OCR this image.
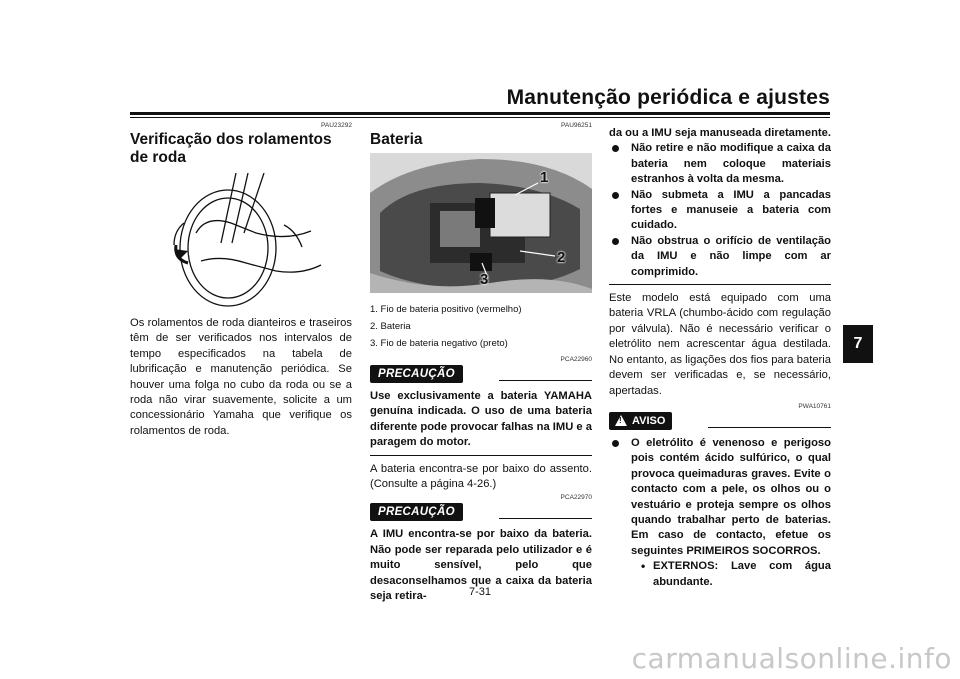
Manutenção periódica e ajustes
7
PAU23292
Verificação dos rolamentos de roda

Os rolamentos de roda dianteiros e traseiros têm de ser verificados nos intervalos de tempo especificados na tabela de lubrificação e manutenção periódica. Se houver uma folga no cubo da roda ou se a roda não virar suavemente, solicite a um concessionário Yamaha que verifique os rolamentos de roda.

PAU96251
Bateria
1
2
3
1. Fio de bateria positivo (vermelho)
2. Bateria
3. Fio de bateria negativo (preto)
PCA22960
PRECAUÇÃO

Use exclusivamente a bateria YAMAHA genuína indicada. O uso de uma bateria diferente pode provocar falhas na IMU e a paragem do motor.

A bateria encontra-se por baixo do assento. (Consulte a página 4-26.)

PCA22970
PRECAUÇÃO

A IMU encontra-se por baixo da bateria. Não pode ser reparada pelo utilizador e é muito sensível, pelo que desaconselhamos que a caixa da bateria seja retira-

da ou a IMU seja manuseada diretamente.

Não retire e não modifique a caixa da bateria nem coloque materiais estranhos à volta da mesma.
Não submeta a IMU a pancadas fortes e manuseie a bateria com cuidado.
Não obstrua o orifício de ventilação da IMU e não limpe com ar comprimido.

Este modelo está equipado com uma bateria VRLA (chumbo-ácido com regulação por válvula). Não é necessário verificar o eletrólito nem acrescentar água destilada. No entanto, as ligações dos fios para bateria devem ser verificadas e, se necessário, apertadas.

PWA10761
! AVISO
O eletrólito é venenoso e perigoso pois contém ácido sulfúrico, o qual provoca queimaduras graves. Evite o contacto com a pele, os olhos ou o vestuário e proteja sempre os olhos quando trabalhar perto de baterias. Em caso de contacto, efetue os seguintes PRIMEIROS SOCORROS.
• EXTERNOS: Lave com água abundante.
7-31
carmanualsonline.info
